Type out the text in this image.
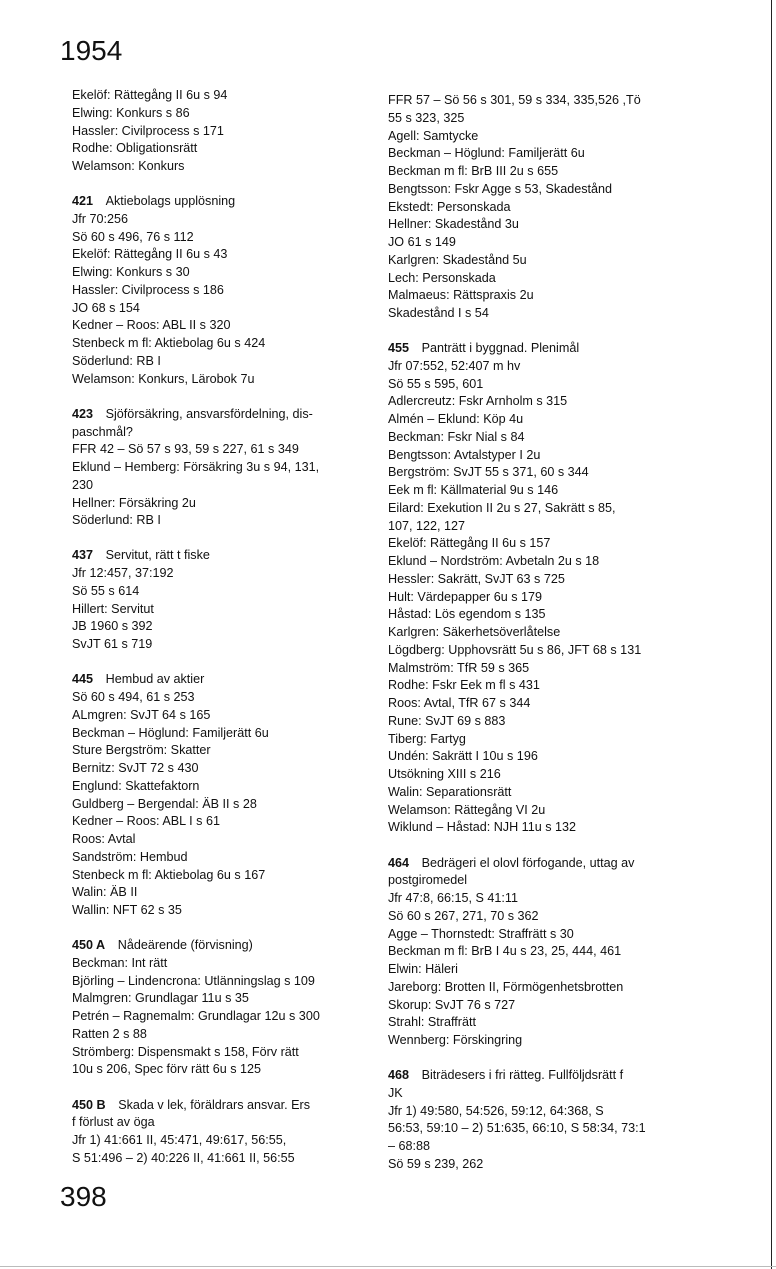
1954
Ekelöf: Rättegång II 6u s 94
Elwing: Konkurs s 86
Hassler: Civilprocess s 171
Rodhe: Obligationsrätt
Welamson: Konkurs
421  Aktiebolags upplösning
Jfr 70:256
Sö 60 s 496, 76 s 112
Ekelöf: Rättegång II 6u s 43
Elwing: Konkurs s 30
Hassler: Civilprocess s 186
JO 68 s 154
Kedner – Roos: ABL II s 320
Stenbeck m fl: Aktiebolag 6u s 424
Söderlund: RB I
Welamson: Konkurs, Lärobok 7u
423  Sjöförsäkring, ansvarsfördelning, dis-
paschmål?
FFR 42 – Sö 57 s 93, 59 s 227, 61 s 349
Eklund – Hemberg: Försäkring 3u s 94, 131,
230
Hellner: Försäkring 2u
Söderlund: RB I
437  Servitut, rätt t fiske
Jfr 12:457, 37:192
Sö 55 s 614
Hillert: Servitut
JB 1960 s 392
SvJT 61 s 719
445  Hembud av aktier
Sö 60 s 494, 61 s 253
ALmgren: SvJT 64 s 165
Beckman – Höglund: Familjerätt 6u
Sture Bergström: Skatter
Bernitz: SvJT 72 s 430
Englund: Skattefaktorn
Guldberg – Bergendal: ÄB II s 28
Kedner – Roos: ABL I s 61
Roos: Avtal
Sandström: Hembud
Stenbeck m fl: Aktiebolag 6u s 167
Walin: ÄB II
Wallin: NFT 62 s 35
450 A  Nådeärende (förvisning)
Beckman: Int rätt
Björling – Lindencrona: Utlänningslag s 109
Malmgren: Grundlagar 11u s 35
Petrén – Ragnemalm: Grundlagar 12u s 300
Ratten 2 s 88
Strömberg: Dispensmakt s 158, Förv rätt
10u s 206, Spec förv rätt 6u s 125
450 B  Skada v lek, föräldrars ansvar. Ers
f förlust av öga
Jfr 1) 41:661 II, 45:471, 49:617, 56:55,
S 51:496 – 2) 40:226 II, 41:661 II, 56:55
FFR 57 – Sö 56 s 301, 59 s 334, 335,526 ,Tö
55 s 323, 325
Agell: Samtycke
Beckman – Höglund: Familjerätt 6u
Beckman m fl: BrB III 2u s 655
Bengtsson: Fskr Agge s 53, Skadestånd
Ekstedt: Personskada
Hellner: Skadestånd 3u
JO 61 s 149
Karlgren: Skadestånd 5u
Lech: Personskada
Malmaeus: Rättspraxis 2u
Skadestånd I s 54
455  Panträtt i byggnad. Plenimål
Jfr 07:552, 52:407 m hv
Sö 55 s 595, 601
Adlercreutz: Fskr Arnholm s 315
Almén – Eklund: Köp 4u
Beckman: Fskr Nial s 84
Bengtsson: Avtalstyper I 2u
Bergström: SvJT 55 s 371, 60 s 344
Eek m fl: Källmaterial 9u s 146
Eilard: Exekution II 2u s 27, Sakrätt s 85,
107, 122, 127
Ekelöf: Rättegång II 6u s 157
Eklund – Nordström: Avbetaln 2u s 18
Hessler: Sakrätt, SvJT 63 s 725
Hult: Värdepapper 6u s 179
Håstad: Lös egendom s 135
Karlgren: Säkerhetsöverlåtelse
Lögdberg: Upphovsrätt 5u s 86, JFT 68 s 131
Malmström: TfR 59 s 365
Rodhe: Fskr Eek m fl s 431
Roos: Avtal, TfR 67 s 344
Rune: SvJT 69 s 883
Tiberg: Fartyg
Undén: Sakrätt I 10u s 196
Utsökning XIII s 216
Walin: Separationsrätt
Welamson: Rättegång VI 2u
Wiklund – Håstad: NJH 11u s 132
464  Bedrägeri el olovl förfogande, uttag av
postgiromedel
Jfr 47:8, 66:15, S 41:11
Sö 60 s 267, 271, 70 s 362
Agge – Thornstedt: Straffrätt s 30
Beckman m fl: BrB I 4u s 23, 25, 444, 461
Elwin: Häleri
Jareborg: Brotten II, Förmögenhetsbrotten
Skorup: SvJT 76 s 727
Strahl: Straffrätt
Wennberg: Förskingring
468  Biträdesers i fri rätteg. Fullföljdsrätt f
JK
Jfr 1) 49:580, 54:526, 59:12, 64:368, S
56:53, 59:10 – 2) 51:635, 66:10, S 58:34, 73:1
– 68:88
Sö 59 s 239, 262
398
